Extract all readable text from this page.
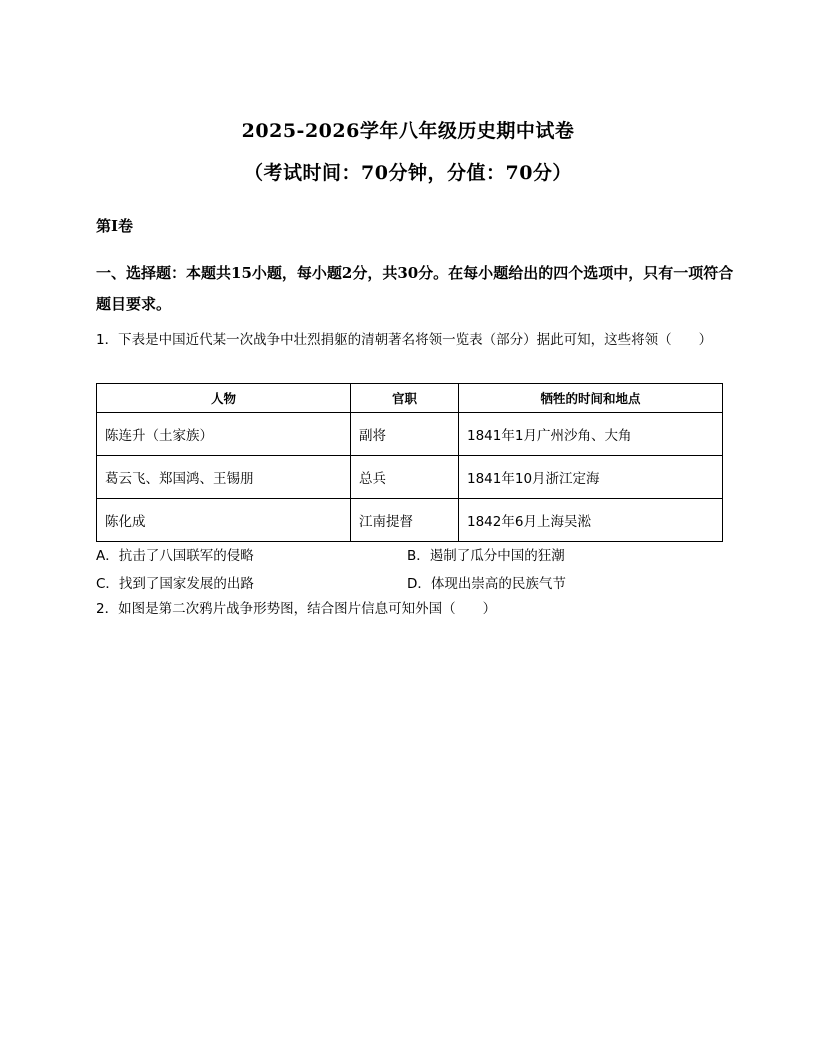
2025-2026学年八年级历史期中试卷
（考试时间：70分钟，分值：70分）
第Ⅰ卷
一、选择题：本题共15小题，每小题2分，共30分。在每小题给出的四个选项中，只有一项符合题目要求。
1．下表是中国近代某一次战争中壮烈捐躯的清朝著名将领一览表（部分）据此可知，这些将领（　　）
人物	官职	牺牲的时间和地点
陈连升（土家族）	副将	1841年1月广州沙角、大角
葛云飞、郑国鸿、王锡朋	总兵	1841年10月浙江定海
陈化成	江南提督	1842年6月上海吴淞
A．抗击了八国联军的侵略	B．遏制了瓜分中国的狂潮
C．找到了国家发展的出路	D．体现出崇高的民族气节
2．如图是第二次鸦片战争形势图，结合图片信息可知外国（　　）
